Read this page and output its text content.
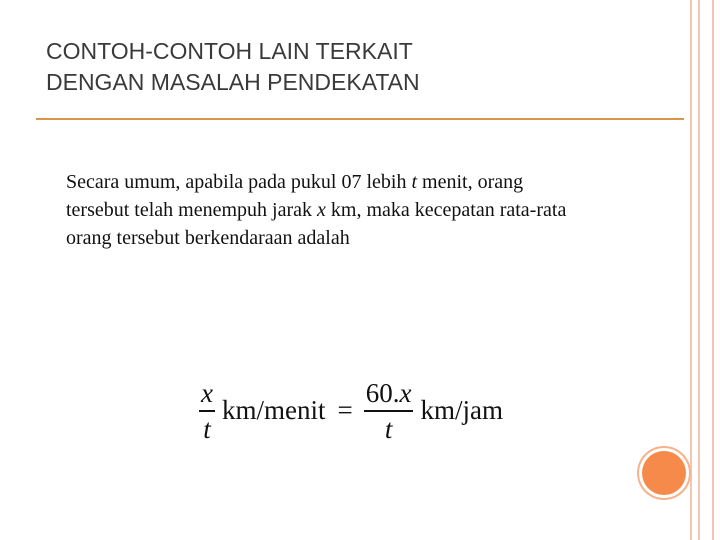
CONTOH-CONTOH LAIN TERKAIT
DENGAN MASALAH PENDEKATAN
Secara umum, apabila pada pukul 07 lebih t menit, orang
tersebut telah menempuh jarak x km, maka kecepatan rata-rata
orang tersebut berkendaraan adalah
$\frac{x}{t}$ km/menit = $\frac{60.x}{t} km/jam$
